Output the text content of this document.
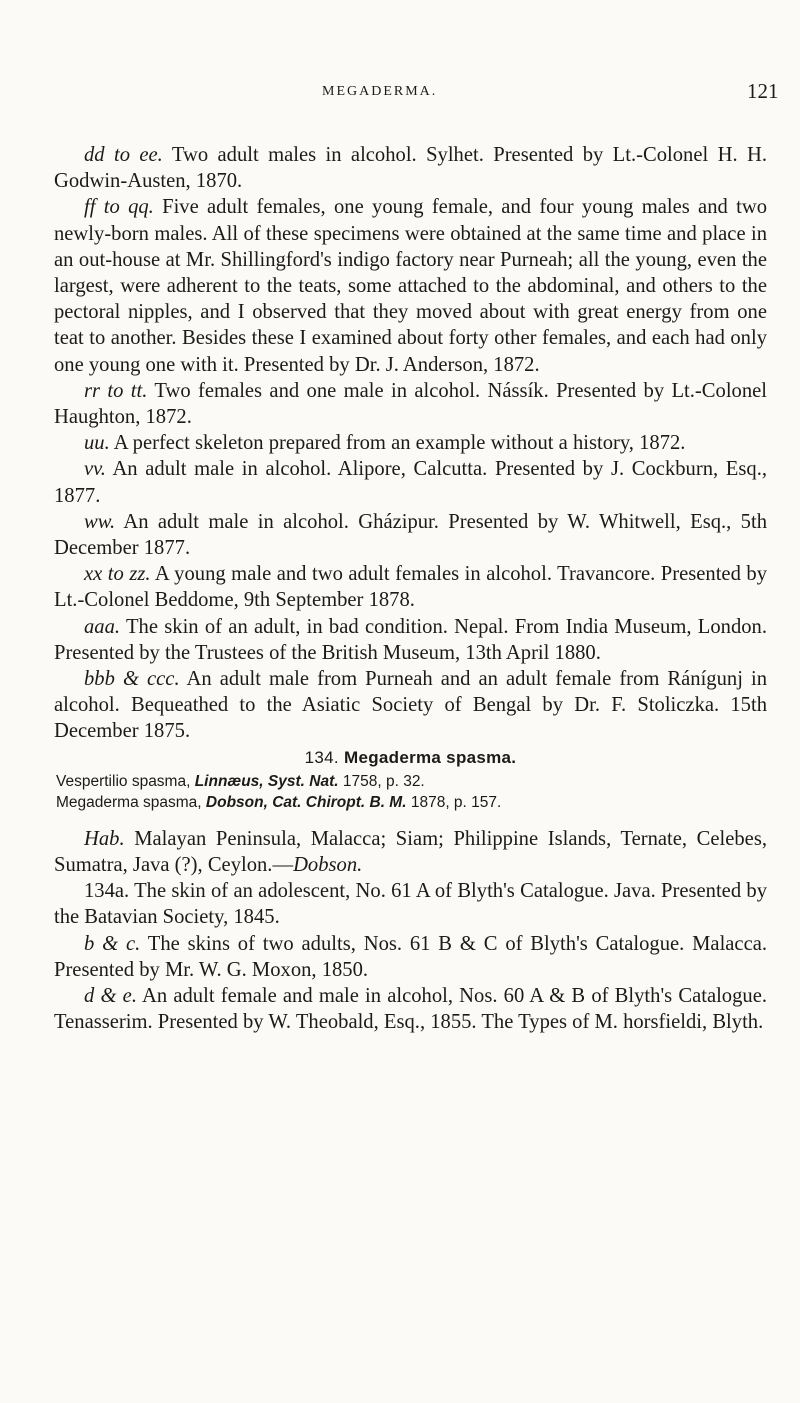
MEGADERMA.	121

dd to ee. Two adult males in alcohol. Sylhet. Presented by Lt.-Colonel H. H. Godwin-Austen, 1870.

ff to qq. Five adult females, one young female, and four young males and two newly-born males. All of these specimens were obtained at the same time and place in an out-house at Mr. Shillingford's indigo factory near Purneah; all the young, even the largest, were adherent to the teats, some attached to the abdominal, and others to the pectoral nipples, and I observed that they moved about with great energy from one teat to another. Besides these I examined about forty other females, and each had only one young one with it. Presented by Dr. J. Anderson, 1872.

rr to tt. Two females and one male in alcohol. Nássík. Presented by Lt.-Colonel Haughton, 1872.

uu. A perfect skeleton prepared from an example without a history, 1872.

vv. An adult male in alcohol. Alipore, Calcutta. Presented by J. Cockburn, Esq., 1877.

ww. An adult male in alcohol. Gházipur. Presented by W. Whitwell, Esq., 5th December 1877.

xx to zz. A young male and two adult females in alcohol. Travancore. Presented by Lt.-Colonel Beddome, 9th September 1878.

aaa. The skin of an adult, in bad condition. Nepal. From India Museum, London. Presented by the Trustees of the British Museum, 13th April 1880.

bbb & ccc. An adult male from Purneah and an adult female from Ránígunj in alcohol. Bequeathed to the Asiatic Society of Bengal by Dr. F. Stoliczka. 15th December 1875.

134. Megaderma spasma.

Vespertilio spasma, Linnæus, Syst. Nat. 1758, p. 32.

Megaderma spasma, Dobson, Cat. Chiropt. B. M. 1878, p. 157.

Hab. Malayan Peninsula, Malacca; Siam; Philippine Islands, Ternate, Celebes, Sumatra, Java (?), Ceylon.—Dobson.

134a. The skin of an adolescent, No. 61 A of Blyth's Catalogue. Java. Presented by the Batavian Society, 1845.

b & c. The skins of two adults, Nos. 61 B & C of Blyth's Catalogue. Malacca. Presented by Mr. W. G. Moxon, 1850.

d & e. An adult female and male in alcohol, Nos. 60 A & B of Blyth's Catalogue. Tenasserim. Presented by W. Theobald, Esq., 1855. The Types of M. horsfieldi, Blyth.
